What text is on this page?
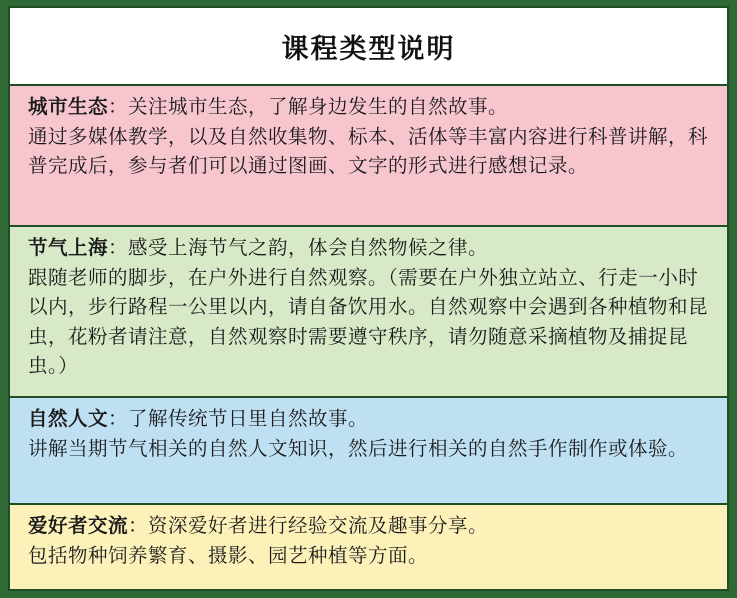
课程类型说明

城市生态：关注城市生态，了解身边发生的自然故事。

通过多媒体教学，以及自然收集物、标本、活体等丰富内容进行科普讲解，科普完成后，参与者们可以通过图画、文字的形式进行感想记录。

节气上海：感受上海节气之韵，体会自然物候之律。

跟随老师的脚步，在户外进行自然观察。（需要在户外独立站立、行走一小时以内，步行路程一公里以内，请自备饮用水。自然观察中会遇到各种植物和昆虫，花粉者请注意，自然观察时需要遵守秩序，请勿随意采摘植物及捕捉昆虫。）

自然人文：了解传统节日里自然故事。

讲解当期节气相关的自然人文知识，然后进行相关的自然手作制作或体验。

爱好者交流：资深爱好者进行经验交流及趣事分享。

包括物种饲养繁育、摄影、园艺种植等方面。
